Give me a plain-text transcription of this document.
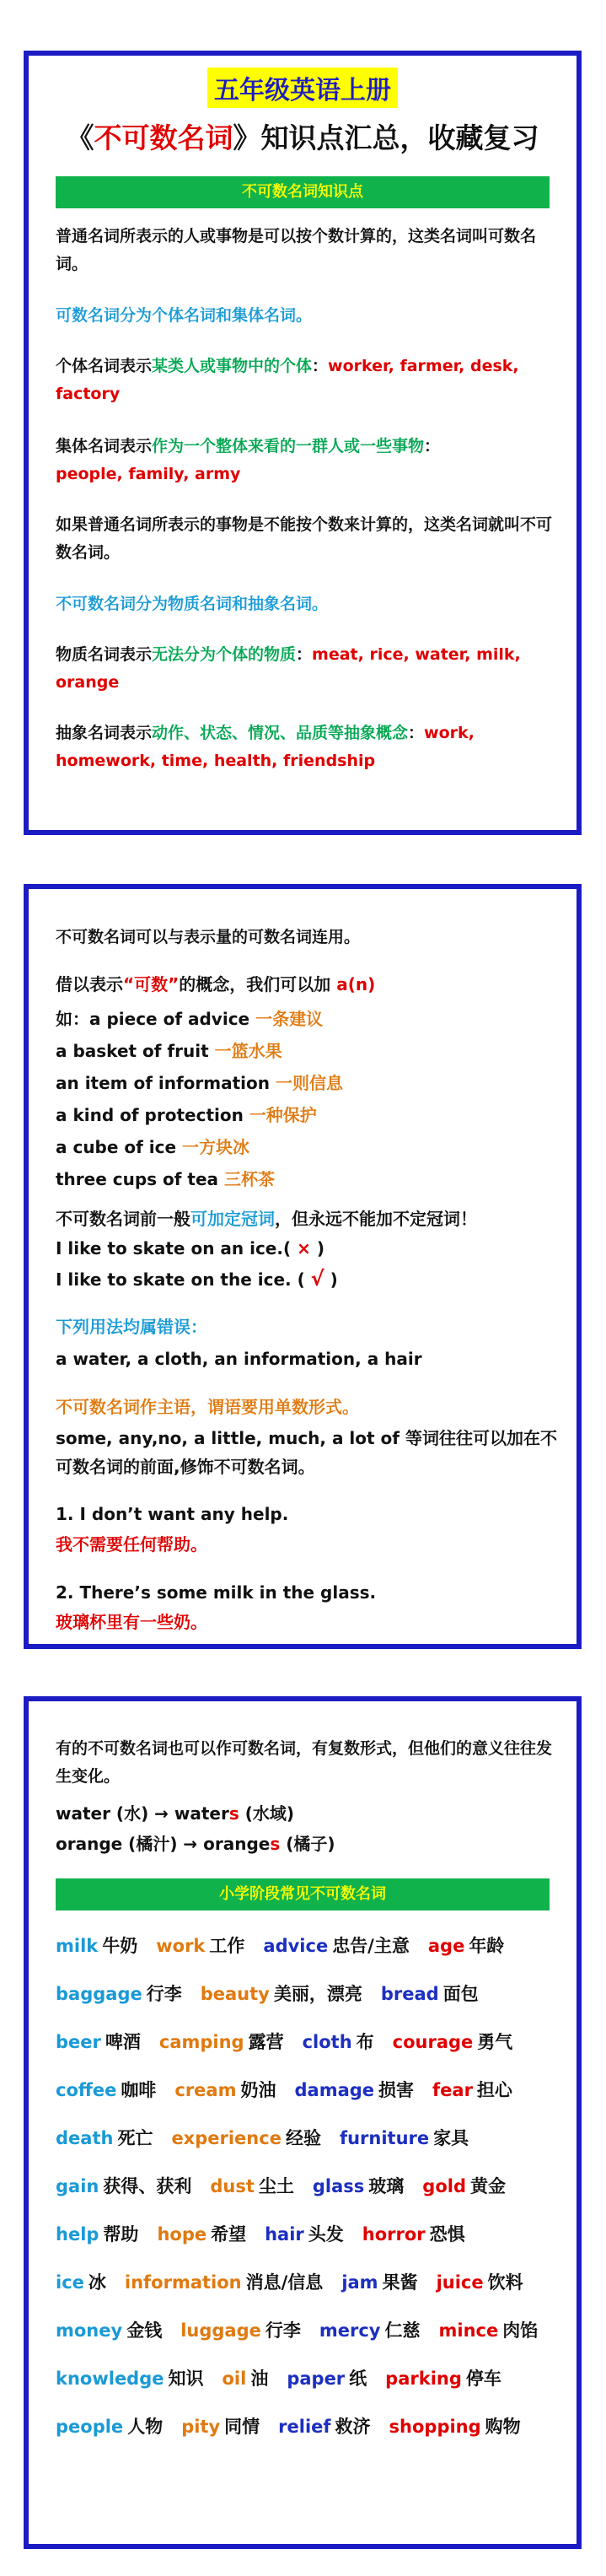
五年级英语上册
《不可数名词》知识点汇总，收藏复习
不可数名词知识点
普通名词所表示的人或事物是可以按个数计算的，这类名词叫可数名词。
可数名词分为个体名词和集体名词。
个体名词表示某类人或事物中的个体：worker, farmer, desk, factory
集体名词表示作为一个整体来看的一群人或一些事物：
people, family, army
如果普通名词所表示的事物是不能按个数来计算的，这类名词就叫不可数名词。
不可数名词分为物质名词和抽象名词。
物质名词表示无法分为个体的物质：meat, rice, water, milk, orange
抽象名词表示动作、状态、情况、品质等抽象概念：work, homework, time, health, friendship
不可数名词可以与表示量的可数名词连用。
借以表示“可数”的概念，我们可以加 a(n)
如：a piece of advice 一条建议
a basket of fruit 一篮水果
an item of information 一则信息
a kind of protection 一种保护
a cube of ice 一方块冰
three cups of tea 三杯茶
不可数名词前一般可加定冠词，但永远不能加不定冠词！
I like to skate on an ice.( × )
I like to skate on the ice. ( √ )
下列用法均属错误：
a water, a cloth, an information, a hair
不可数名词作主语，谓语要用单数形式。
some, any,no, a little, much, a lot of 等词往往可以加在不可数名词的前面,修饰不可数名词。
1. I don’t want any help.
我不需要任何帮助。
2. There’s some milk in the glass.
玻璃杯里有一些奶。
有的不可数名词也可以作可数名词，有复数形式，但他们的意义往往发生变化。
water (水) → waters (水域)
orange (橘汁) → oranges (橘子)
小学阶段常见不可数名词
milk 牛奶 work 工作 advice 忠告/主意 age 年龄
baggage 行李 beauty 美丽，漂亮 bread 面包
beer 啤酒 camping 露营 cloth 布 courage 勇气
coffee 咖啡 cream 奶油 damage 损害 fear 担心
death 死亡 experience 经验 furniture 家具
gain 获得、获利 dust 尘土 glass 玻璃 gold 黄金
help 帮助 hope 希望 hair 头发 horror 恐惧
ice 冰 information 消息/信息 jam 果酱 juice 饮料
money 金钱 luggage 行李 mercy 仁慈 mince 肉馅
knowledge 知识 oil 油 paper 纸 parking 停车
people 人物 pity 同情 relief 救济 shopping 购物
